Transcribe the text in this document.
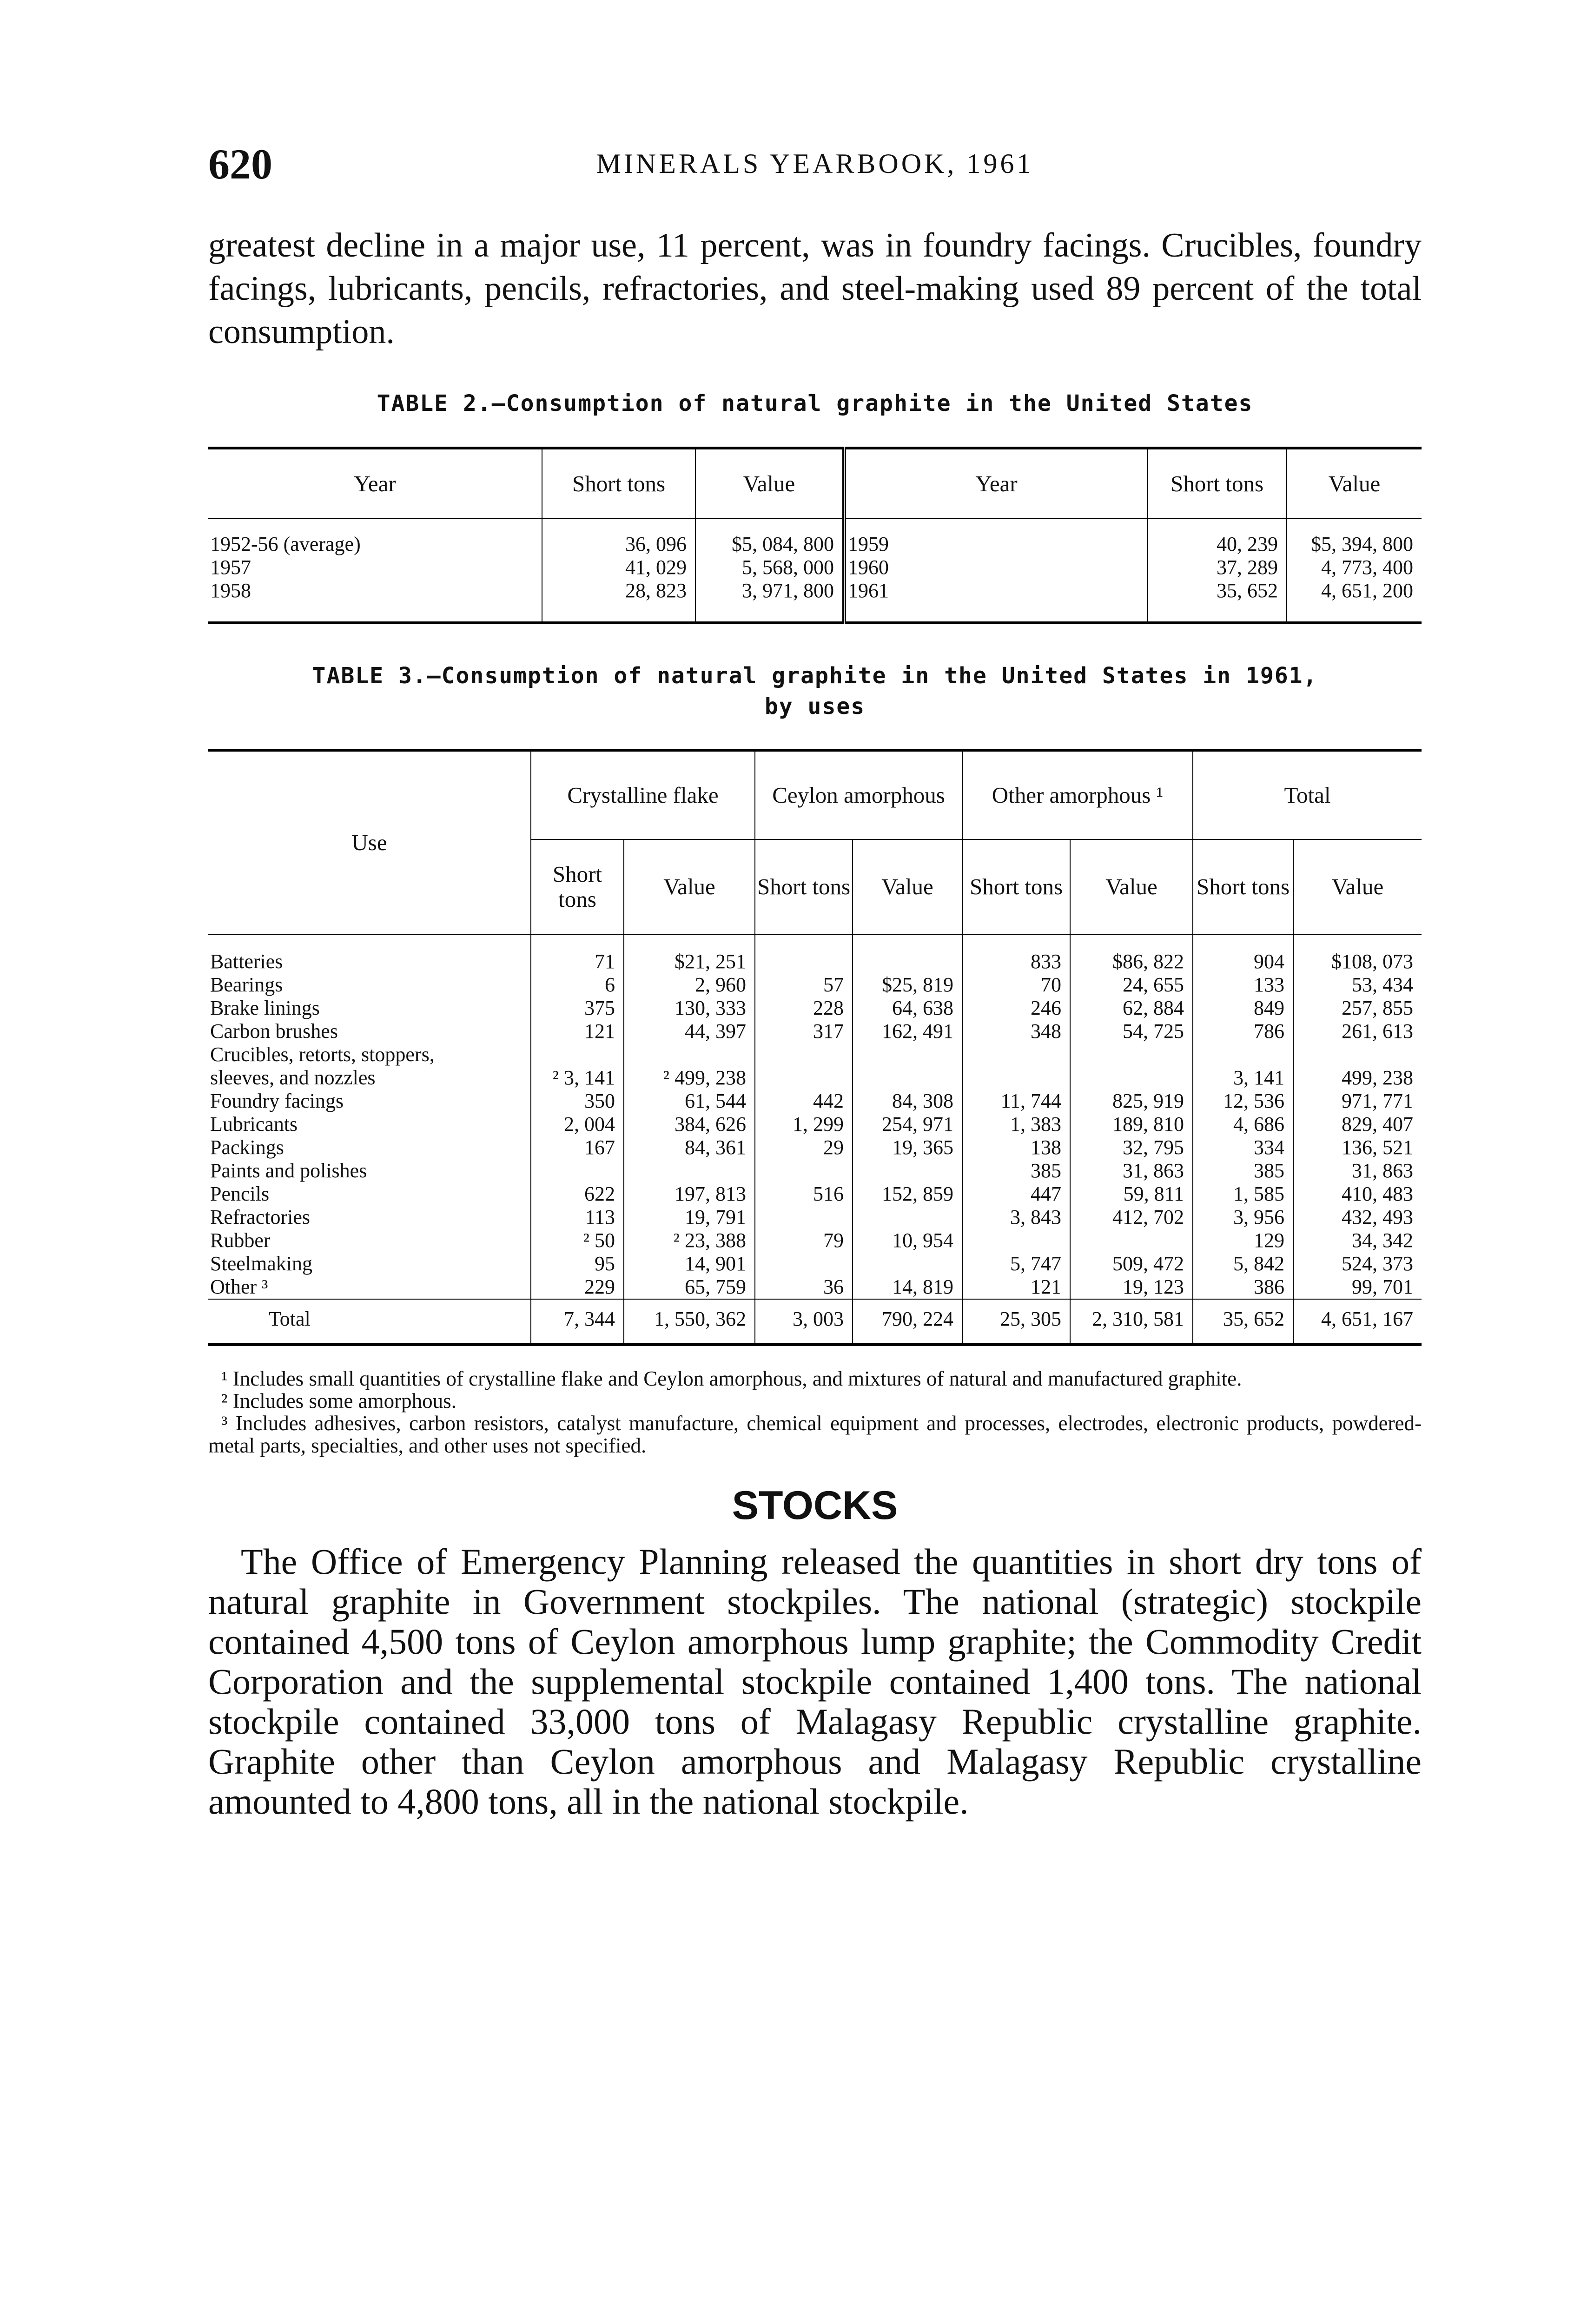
620	MINERALS YEARBOOK, 1961

greatest decline in a major use, 11 percent, was in foundry facings. Crucibles, foundry facings, lubricants, pencils, refractories, and steel-making used 89 percent of the total consumption.

TABLE 2.—Consumption of natural graphite in the United States
Year	Short tons	Value	Year	Short tons	Value
1952-56 (average)	36, 096	$5, 084, 800	1959	40, 239	$5, 394, 800
1957	41, 029	5, 568, 000	1960	37, 289	4, 773, 400
1958	28, 823	3, 971, 800	1961	35, 652	4, 651, 200
TABLE 3.—Consumption of natural graphite in the United States in 1961,
by uses
Use	Crystalline flake		Ceylon amorphous		Other amorphous ¹		Total	
	Short tons	Value	Short tons	Value	Short tons	Value	Short tons	Value
Batteries	71	$21, 251			833	$86, 822	904	$108, 073
Bearings	6	2, 960	57	$25, 819	70	24, 655	133	53, 434
Brake linings	375	130, 333	228	64, 638	246	62, 884	849	257, 855
Carbon brushes	121	44, 397	317	162, 491	348	54, 725	786	261, 613
Crucibles, retorts, stoppers,								
sleeves, and nozzles	² 3, 141	² 499, 238					3, 141	499, 238
Foundry facings	350	61, 544	442	84, 308	11, 744	825, 919	12, 536	971, 771
Lubricants	2, 004	384, 626	1, 299	254, 971	1, 383	189, 810	4, 686	829, 407
Packings	167	84, 361	29	19, 365	138	32, 795	334	136, 521
Paints and polishes					385	31, 863	385	31, 863
Pencils	622	197, 813	516	152, 859	447	59, 811	1, 585	410, 483
Refractories	113	19, 791			3, 843	412, 702	3, 956	432, 493
Rubber	² 50	² 23, 388	79	10, 954			129	34, 342
Steelmaking	95	14, 901			5, 747	509, 472	5, 842	524, 373
Other ³	229	65, 759	36	14, 819	121	19, 123	386	99, 701
Total	7, 344	1, 550, 362	3, 003	790, 224	25, 305	2, 310, 581	35, 652	4, 651, 167

¹ Includes small quantities of crystalline flake and Ceylon amorphous, and mixtures of natural and manufactured graphite.

² Includes some amorphous.

³ Includes adhesives, carbon resistors, catalyst manufacture, chemical equipment and processes, electrodes, electronic products, powdered-metal parts, specialties, and other uses not specified.

STOCKS

The Office of Emergency Planning released the quantities in short dry tons of natural graphite in Government stockpiles. The national (strategic) stockpile contained 4,500 tons of Ceylon amorphous lump graphite; the Commodity Credit Corporation and the supplemental stockpile contained 1,400 tons. The national stockpile contained 33,000 tons of Malagasy Republic crystalline graphite. Graphite other than Ceylon amorphous and Malagasy Republic crystalline amounted to 4,800 tons, all in the national stockpile.
